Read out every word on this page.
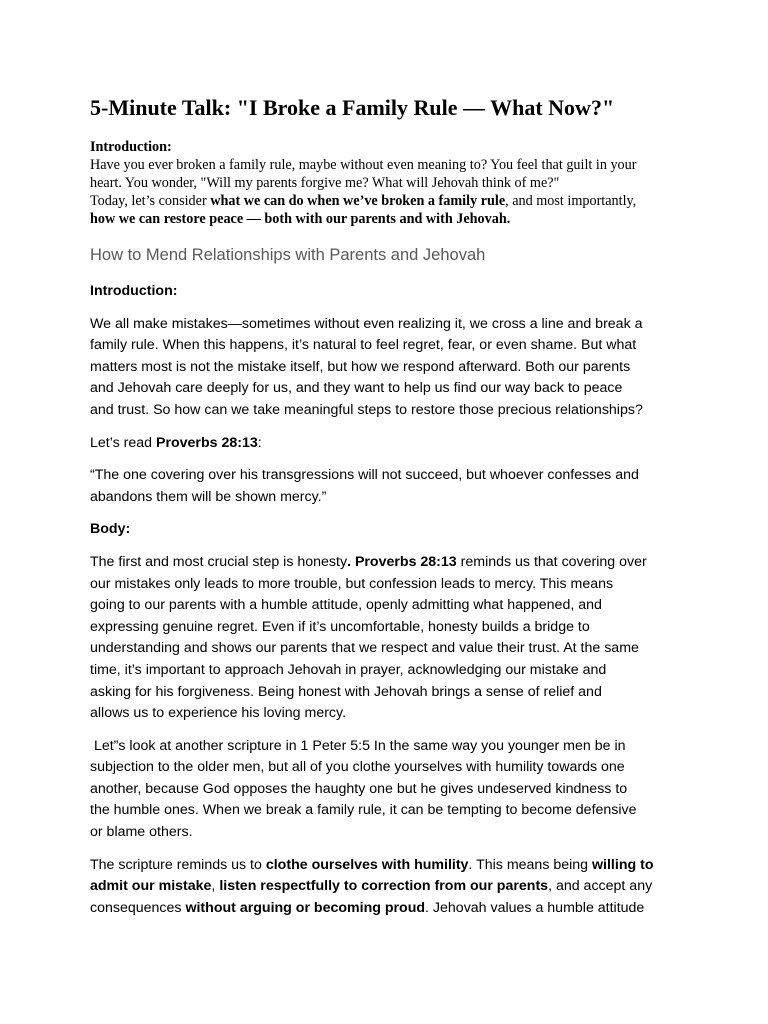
5-Minute Talk: "I Broke a Family Rule — What Now?"

Introduction:

Have you ever broken a family rule, maybe without even meaning to? You feel that guilt in your

heart. You wonder, "Will my parents forgive me? What will Jehovah think of me?"

Today, let’s consider what we can do when we’ve broken a family rule, and most importantly,

how we can restore peace — both with our parents and with Jehovah.

How to Mend Relationships with Parents and Jehovah

Introduction:

We all make mistakes—sometimes without even realizing it, we cross a line and break a
family rule. When this happens, it’s natural to feel regret, fear, or even shame. But what
matters most is not the mistake itself, but how we respond afterward. Both our parents
and Jehovah care deeply for us, and they want to help us find our way back to peace
and trust. So how can we take meaningful steps to restore those precious relationships?

Let’s read Proverbs 28:13:

“The one covering over his transgressions will not succeed, but whoever confesses and
abandons them will be shown mercy.”

Body:

The first and most crucial step is honesty. Proverbs 28:13 reminds us that covering over
our mistakes only leads to more trouble, but confession leads to mercy. This means
going to our parents with a humble attitude, openly admitting what happened, and
expressing genuine regret. Even if it’s uncomfortable, honesty builds a bridge to
understanding and shows our parents that we respect and value their trust. At the same
time, it’s important to approach Jehovah in prayer, acknowledging our mistake and
asking for his forgiveness. Being honest with Jehovah brings a sense of relief and
allows us to experience his loving mercy.

Let”s look at another scripture in 1 Peter 5:5 In the same way you younger men be in
subjection to the older men, but all of you clothe yourselves with humility towards one
another, because God opposes the haughty one but he gives undeserved kindness to
the humble ones. When we break a family rule, it can be tempting to become defensive
or blame others.

The scripture reminds us to clothe ourselves with humility. This means being willing to
admit our mistake, listen respectfully to correction from our parents, and accept any
consequences without arguing or becoming proud. Jehovah values a humble attitude
